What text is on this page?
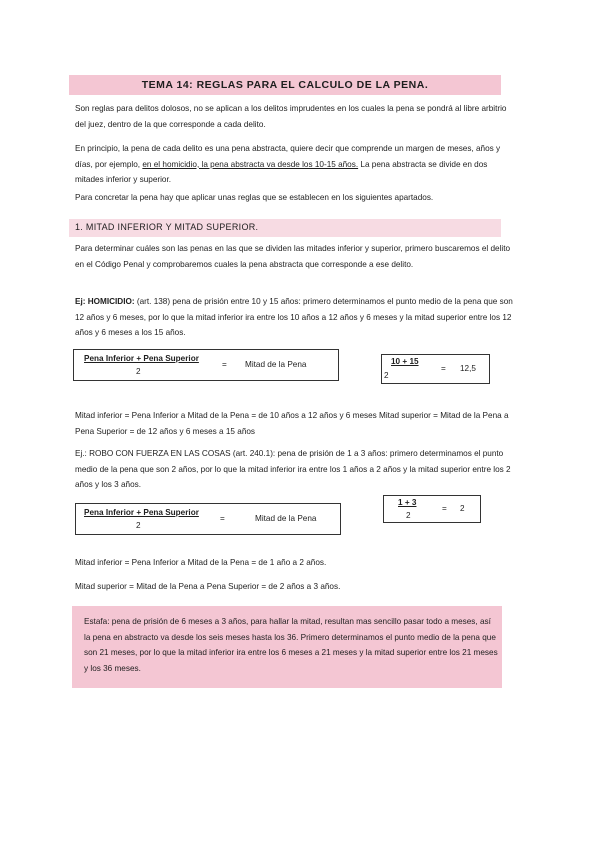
TEMA 14: REGLAS PARA EL CALCULO DE LA PENA.
Son reglas para delitos dolosos, no se aplican a los delitos imprudentes en los cuales la pena se pondrá al libre arbitrio del juez, dentro de la que corresponde a cada delito.
En principio, la pena de cada delito es una pena abstracta, quiere decir que comprende un margen de meses, años y días, por ejemplo, en el homicidio, la pena abstracta va desde los 10-15 años. La pena abstracta se divide en dos mitades inferior y superior.
Para concretar la pena hay que aplicar unas reglas que se establecen en los siguientes apartados.
1. MITAD INFERIOR Y MITAD SUPERIOR.
Para determinar cuáles son las penas en las que se dividen las mitades inferior y superior, primero buscaremos el delito en el Código Penal y comprobaremos cuales la pena abstracta que corresponde a ese delito.
Ej: HOMICIDIO: (art. 138) pena de prisión entre 10 y 15 años: primero determinamos el punto medio de la pena que son 12 años y 6 meses, por lo que la mitad inferior ira entre los 10 años a 12 años y 6 meses y la mitad superior entre los 12 años y 6 meses a los 15 años.
Pena Inferior + Pena Superior
2
= Mitad de la Pena	10 + 15
2
= 12,5
Mitad inferior = Pena Inferior a Mitad de la Pena = de 10 años a 12 años y 6 meses Mitad superior = Mitad de la Pena a Pena Superior = de 12 años y 6 meses a 15 años
Ej.: ROBO CON FUERZA EN LAS COSAS (art. 240.1): pena de prisión de 1 a 3 años: primero determinamos el punto medio de la pena que son 2 años, por lo que la mitad inferior ira entre los 1 años a 2 años y la mitad superior entre los 2 años y los 3 años.
Pena Inferior + Pena Superior
2
=	Mitad de la Pena
1 + 3
2
= 2
Mitad inferior = Pena Inferior a Mitad de la Pena = de 1 año a 2 años.
Mitad superior = Mitad de la Pena a Pena Superior = de 2 años a 3 años.
Estafa: pena de prisión de 6 meses a 3 años, para hallar la mitad, resultan mas sencillo pasar todo a meses, así la pena en abstracto va desde los seis meses hasta los 36. Primero determinamos el punto medio de la pena que son 21 meses, por lo que la mitad inferior ira entre los 6 meses a 21 meses y la mitad superior entre los 21 meses y los 36 meses.
